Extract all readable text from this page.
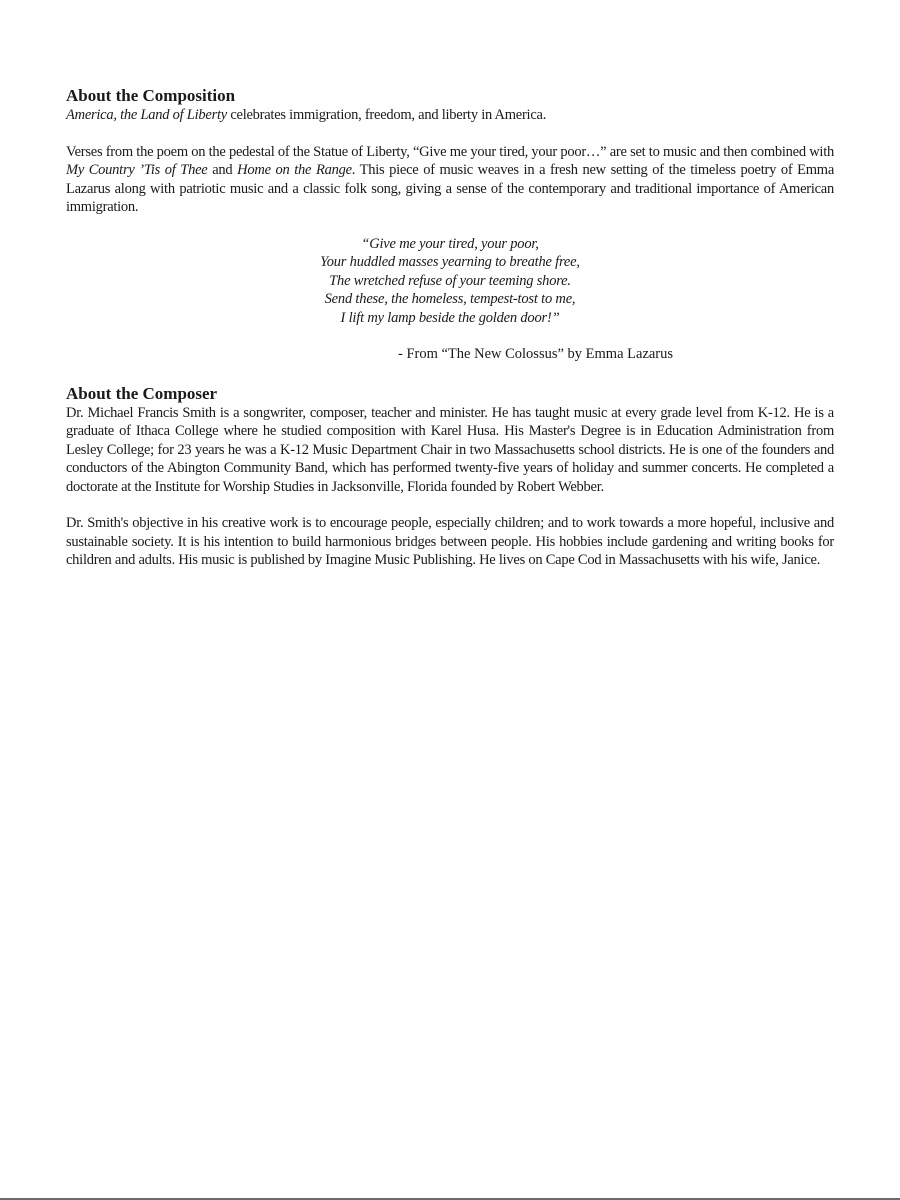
About the Composition

America, the Land of Liberty celebrates immigration, freedom, and liberty in America.

Verses from the poem on the pedestal of the Statue of Liberty, “Give me your tired, your poor…” are set to music and then combined with My Country ’Tis of Thee and Home on the Range. This piece of music weaves in a fresh new setting of the timeless poetry of Emma Lazarus along with patriotic music and a classic folk song, giving a sense of the contemporary and traditional importance of American immigration.

“Give me your tired, your poor,
Your huddled masses yearning to breathe free,
The wretched refuse of your teeming shore.
Send these, the homeless, tempest-tost to me,
I lift my lamp beside the golden door!”

- From “The New Colossus” by Emma Lazarus

About the Composer

Dr. Michael Francis Smith is a songwriter, composer, teacher and minister. He has taught music at every grade level from K-12. He is a graduate of Ithaca College where he studied composition with Karel Husa. His Master's Degree is in Education Administration from Lesley College; for 23 years he was a K-12 Music Department Chair in two Massachusetts school districts. He is one of the founders and conductors of the Abington Community Band, which has performed twenty-five years of holiday and summer concerts. He completed a doctorate at the Institute for Worship Studies in Jacksonville, Florida founded by Robert Webber.

Dr. Smith's objective in his creative work is to encourage people, especially children; and to work towards a more hopeful, inclusive and sustainable society. It is his intention to build harmonious bridges between people. His hobbies include gardening and writing books for children and adults. His music is published by Imagine Music Publishing. He lives on Cape Cod in Massachusetts with his wife, Janice.
